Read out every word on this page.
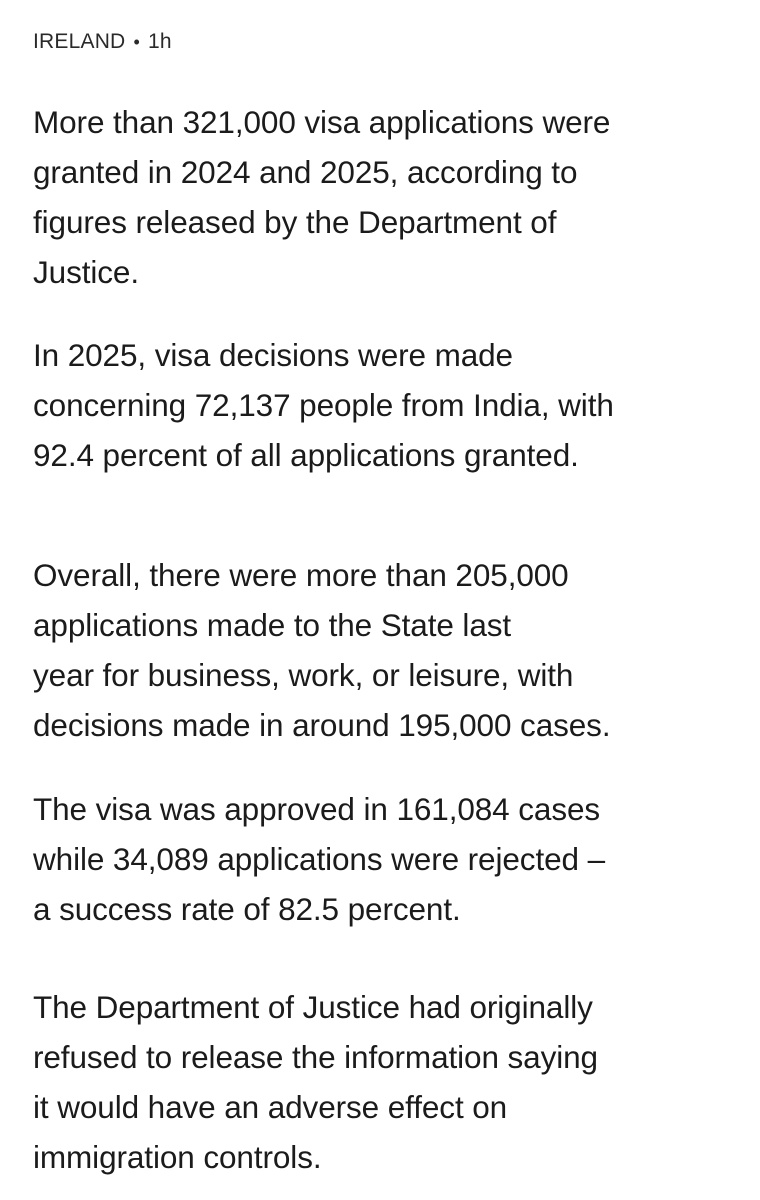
IRELAND • 1h

More than 321,000 visa applications were
granted in 2024 and 2025, according to
figures released by the Department of
Justice.

In 2025, visa decisions were made
concerning 72,137 people from India, with
92.4 percent of all applications granted.

Overall, there were more than 205,000
applications made to the State last
year for business, work, or leisure, with
decisions made in around 195,000 cases.

The visa was approved in 161,084 cases
while 34,089 applications were rejected –
a success rate of 82.5 percent.

The Department of Justice had originally
refused to release the information saying
it would have an adverse effect on
immigration controls.
